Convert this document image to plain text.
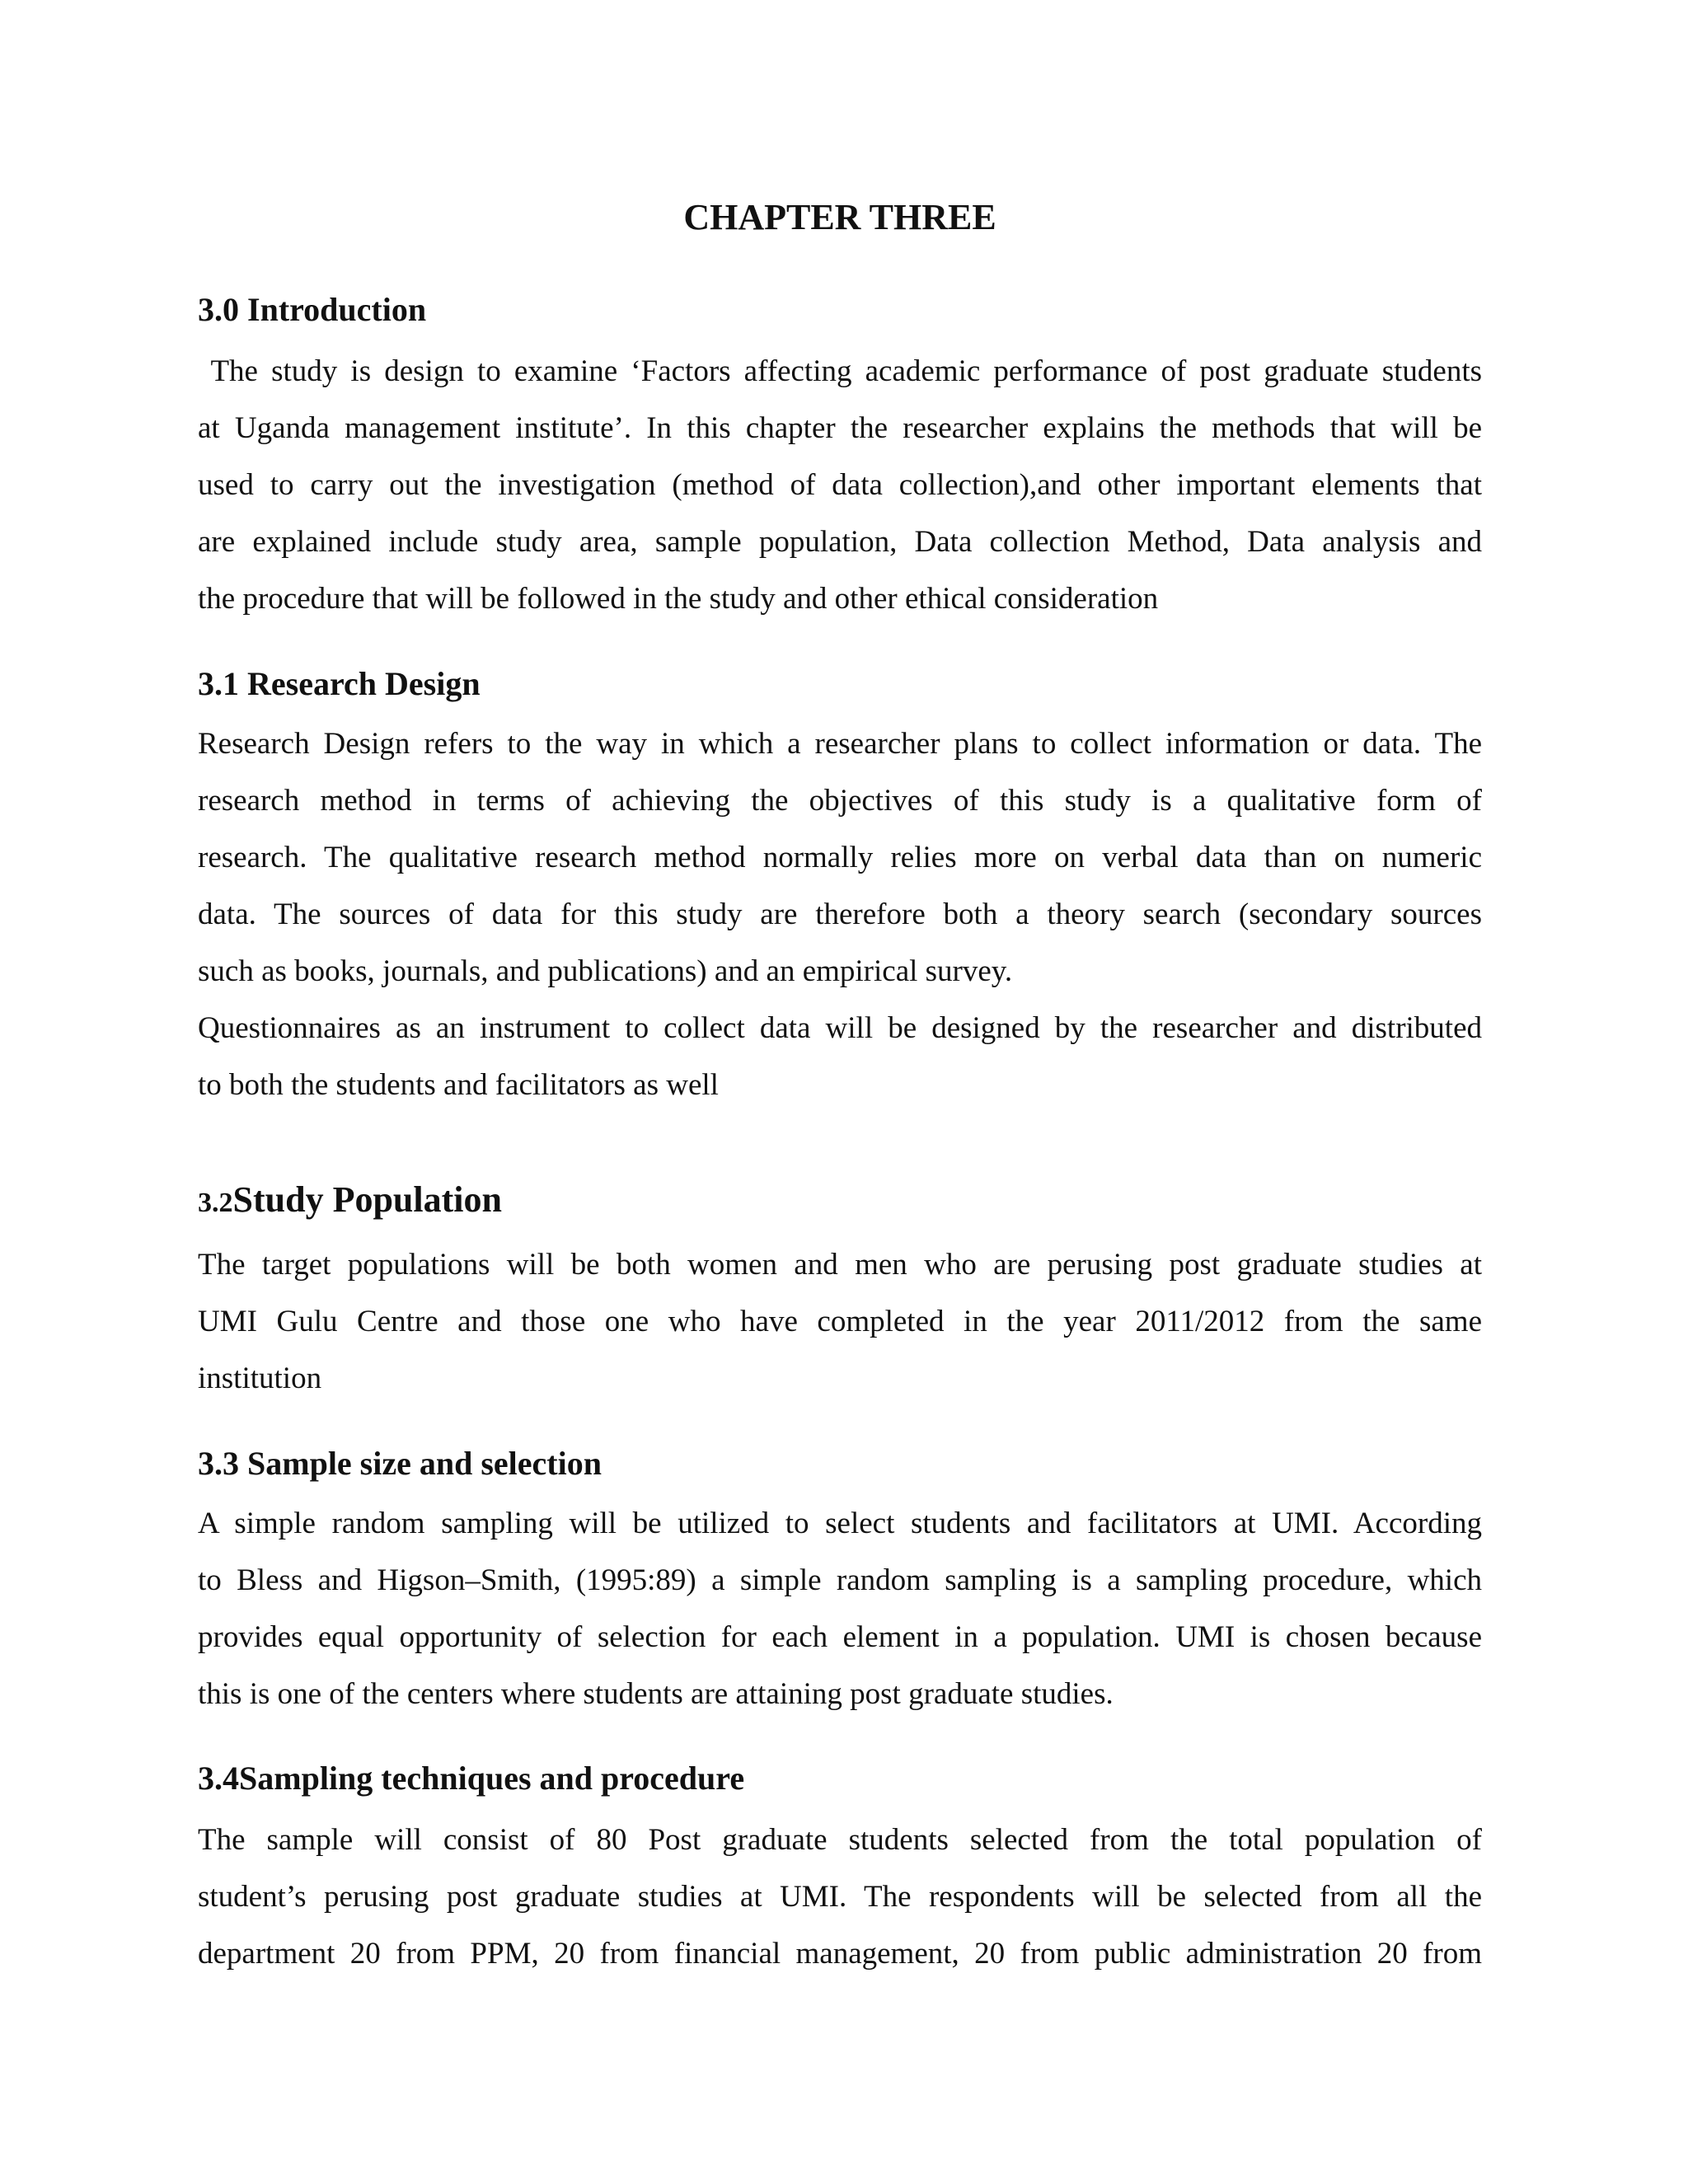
CHAPTER THREE
3.0 Introduction
The study is design to examine ‘Factors affecting academic performance of post graduate students
at Uganda management institute’. In this chapter the researcher explains the methods that will be
used to carry out the investigation (method of data collection),and other important elements that
are explained include study area, sample population, Data collection Method, Data analysis and
the procedure that will be followed in the study and other ethical consideration
3.1 Research Design
Research Design refers to the way in which a researcher plans to collect information or data. The
research method in terms of achieving the objectives of this study is a qualitative form of
research. The qualitative research method normally relies more on verbal data than on numeric
data. The sources of data for this study are therefore both a theory search (secondary sources
such as books, journals, and publications) and an empirical survey.
Questionnaires as an instrument to collect data will be designed by the researcher and distributed
to both the students and facilitators as well
3.2Study Population
The target populations will be both women and men who are perusing post graduate studies at
UMI Gulu Centre and those one who have completed in the year 2011/2012 from the same
institution
3.3 Sample size and selection
A simple random sampling will be utilized to select students and facilitators at UMI. According
to Bless and Higson–Smith, (1995:89) a simple random sampling is a sampling procedure, which
provides equal opportunity of selection for each element in a population. UMI is chosen because
this is one of the centers where students are attaining post graduate studies.
3.4Sampling techniques and procedure
The sample will consist of 80 Post graduate students selected from the total population of
student’s perusing post graduate studies at UMI. The respondents will be selected from all the
department 20 from PPM, 20 from financial management, 20 from public administration 20 from
